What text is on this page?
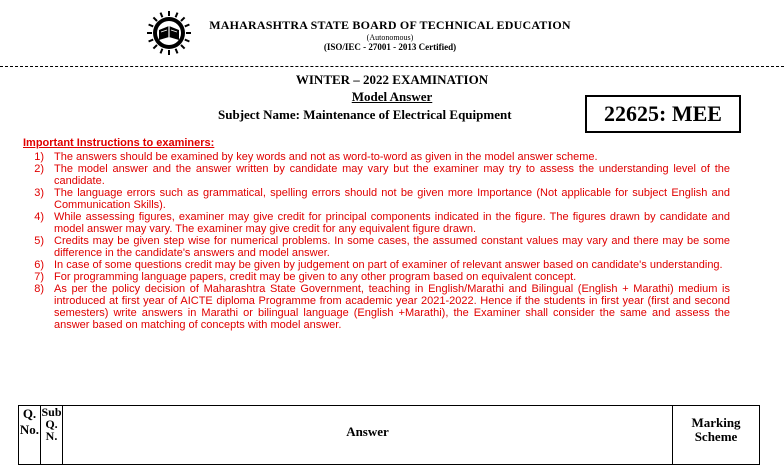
MAHARASHTRA STATE BOARD OF TECHNICAL EDUCATION
(Autonomous)
(ISO/IEC - 27001 - 2013 Certified)
WINTER – 2022 EXAMINATION
Model Answer
Subject Name: Maintenance of Electrical Equipment	22625: MEE
Important Instructions to examiners:
1) The answers should be examined by key words and not as word-to-word as given in the model answer scheme.
2) The model answer and the answer written by candidate may vary but the examiner may try to assess the understanding level of the candidate.
3) The language errors such as grammatical, spelling errors should not be given more Importance (Not applicable for subject English and Communication Skills).
4) While assessing figures, examiner may give credit for principal components indicated in the figure. The figures drawn by candidate and model answer may vary. The examiner may give credit for any equivalent figure drawn.
5) Credits may be given step wise for numerical problems. In some cases, the assumed constant values may vary and there may be some difference in the candidate's answers and model answer.
6) In case of some questions credit may be given by judgement on part of examiner of relevant answer based on candidate's understanding.
7) For programming language papers, credit may be given to any other program based on equivalent concept.
8) As per the policy decision of Maharashtra State Government, teaching in English/Marathi and Bilingual (English + Marathi) medium is introduced at first year of AICTE diploma Programme from academic year 2021-2022. Hence if the students in first year (first and second semesters) write answers in Marathi or bilingual language (English +Marathi), the Examiner shall consider the same and assess the answer based on matching of concepts with model answer.
Q. No.	Sub Q. N.	Answer	Marking Scheme
